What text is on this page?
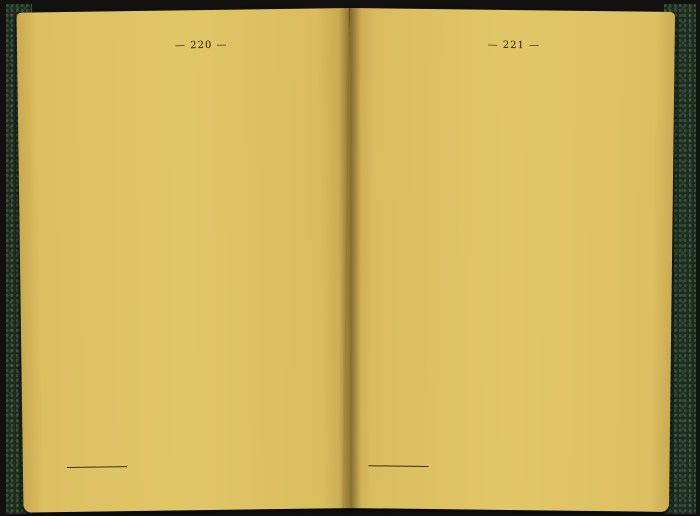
— 220 —	— 221 —
